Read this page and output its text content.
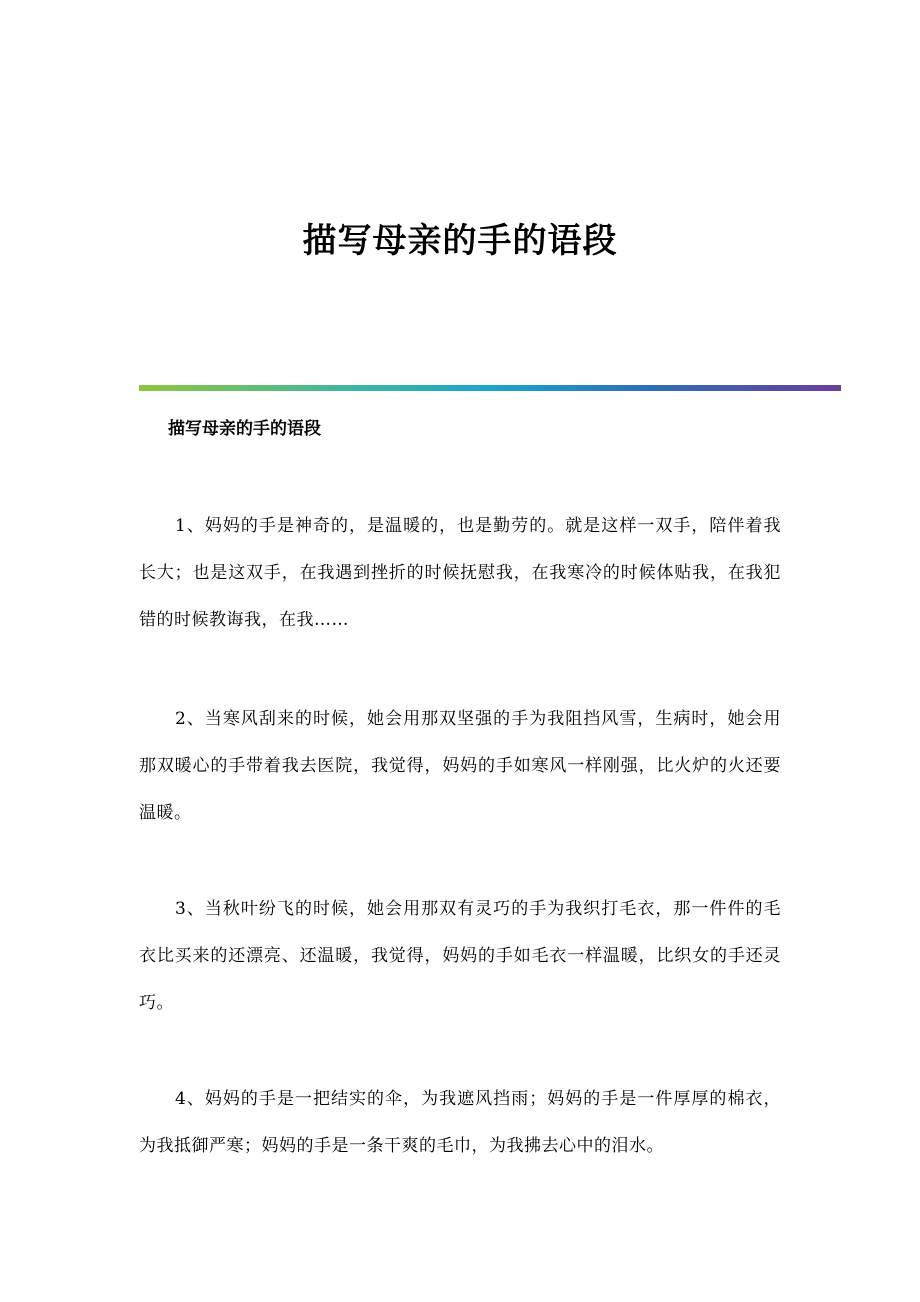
描写母亲的手的语段
描写母亲的手的语段

1、妈妈的手是神奇的，是温暖的，也是勤劳的。就是这样一双手，陪伴着我长大；也是这双手，在我遇到挫折的时候抚慰我，在我寒冷的时候体贴我，在我犯错的时候教诲我，在我……

2、当寒风刮来的时候，她会用那双坚强的手为我阻挡风雪，生病时，她会用那双暖心的手带着我去医院，我觉得，妈妈的手如寒风一样刚强，比火炉的火还要温暖。

3、当秋叶纷飞的时候，她会用那双有灵巧的手为我织打毛衣，那一件件的毛衣比买来的还漂亮、还温暖，我觉得，妈妈的手如毛衣一样温暖，比织女的手还灵巧。

4、妈妈的手是一把结实的伞，为我遮风挡雨；妈妈的手是一件厚厚的棉衣，为我抵御严寒；妈妈的手是一条干爽的毛巾，为我拂去心中的泪水。
